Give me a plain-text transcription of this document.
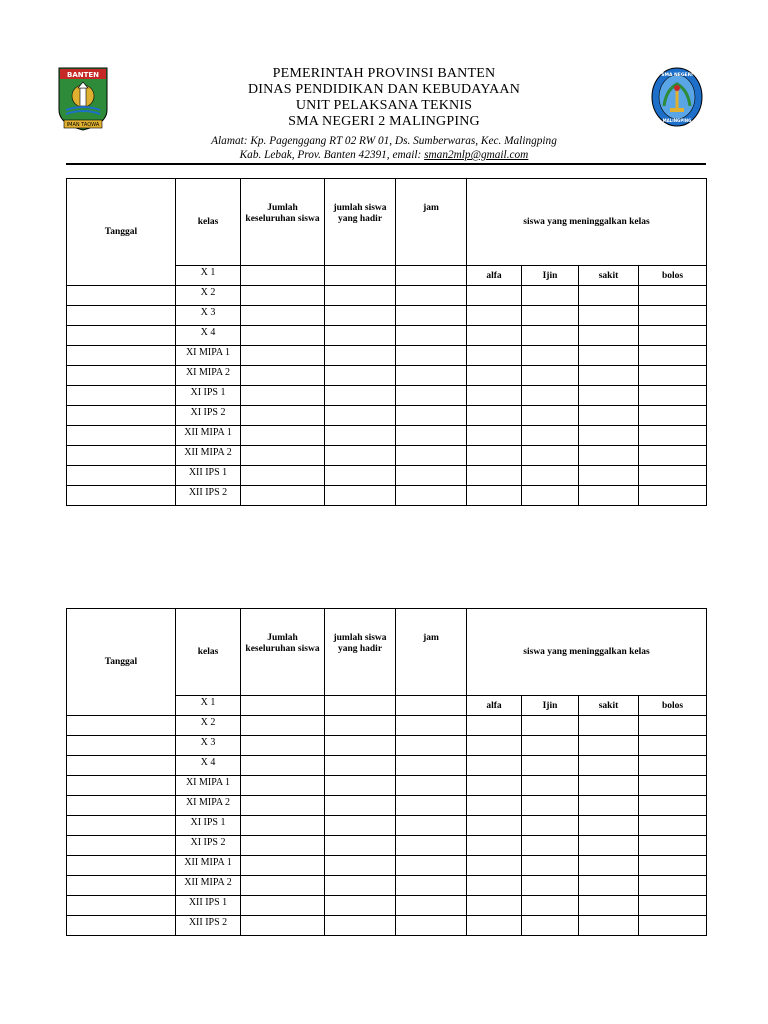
BANTEN
IMAN TAQWA
PEMERINTAH PROVINSI BANTEN
DINAS PENDIDIKAN DAN KEBUDAYAAN
UNIT PELAKSANA TEKNIS
SMA NEGERI 2 MALINGPING
Alamat: Kp. Pagenggang RT 02 RW 01, Ds. Sumberwaras, Kec. Malingping
Kab. Lebak, Prov. Banten 42391, email: sman2mlp@gmail.com
SMA NEGERI
MALINGPING
Tanggal	kelas	Jumlah keseluruhan siswa	jumlah siswa yang hadir	jam	siswa yang meninggalkan kelas			
	X 1				alfa	Ijin	sakit	bolos
	X 2							
	X 3							
	X 4							
	XI MIPA 1							
	XI MIPA 2							
	XI IPS 1							
	XI IPS 2							
	XII MIPA 1							
	XII MIPA 2							
	XII IPS 1							
	XII IPS 2							
Tanggal	kelas	Jumlah keseluruhan siswa	jumlah siswa yang hadir	jam	siswa yang meninggalkan kelas			
	X 1				alfa	Ijin	sakit	bolos
	X 2							
	X 3							
	X 4							
	XI MIPA 1							
	XI MIPA 2							
	XI IPS 1							
	XI IPS 2							
	XII MIPA 1							
	XII MIPA 2							
	XII IPS 1							
	XII IPS 2							
